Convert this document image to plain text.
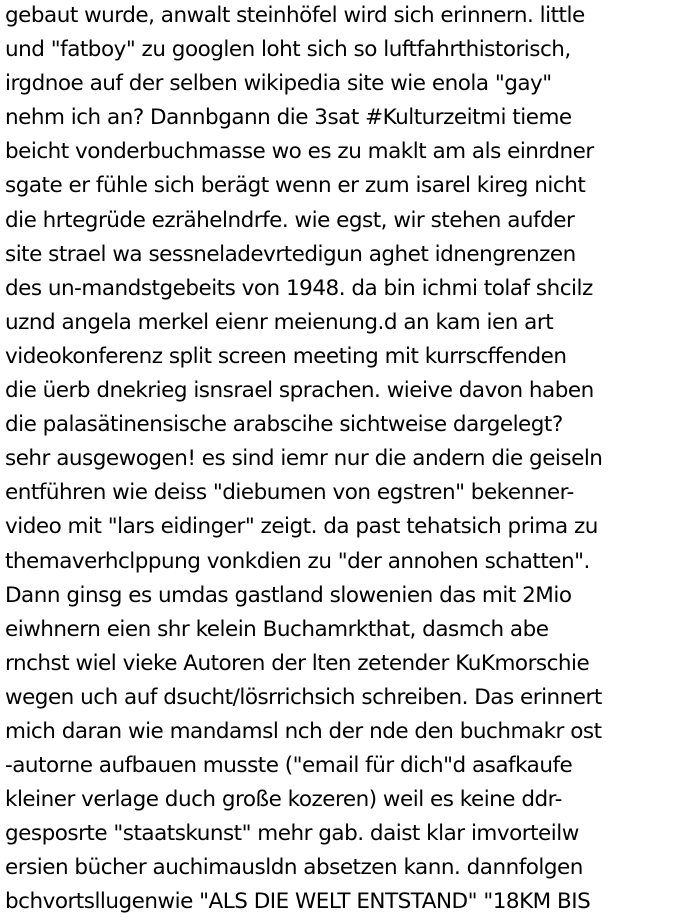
gebaut wurde, anwalt steinhöfel wird sich erinnern. little
und "fatboy" zu googlen loht sich so luftfahrthistorisch,
irgdnoe auf der selben wikipedia site wie enola "gay"
nehm ich an? Dannbgann die 3sat #Kulturzeitmi tieme
beicht vonderbuchmasse wo es zu maklt am als einrdner
sgate er fühle sich berägt wenn er zum isarel kireg nicht
die hrtegrüde ezrähelndrfe. wie egst, wir stehen aufder
site strael wa sessneladevrtedigun aghet idnengrenzen
des un-mandstgebeits von 1948. da bin ichmi tolaf shcilz
uznd angela merkel eienr meienung.d an kam ien art
videokonferenz split screen meeting mit kurrscffenden
die üerb dnekrieg isnsrael sprachen. wieive davon haben
die palasätinensische arabscihe sichtweise dargelegt?
sehr ausgewogen! es sind iemr nur die andern die geiseln
entführen wie deiss "diebumen von egstren" bekenner-
video mit "lars eidinger" zeigt. da past tehatsich prima zu
themaverhclppung vonkdien zu "der annohen schatten".
Dann ginsg es umdas gastland slowenien das mit 2Mio
eiwhnern eien shr kelein Buchamrkthat, dasmch abe
rnchst wiel vieke Autoren der lten zetender KuKmorschie
wegen uch auf dsucht/lösrrichsich schreiben. Das erinnert
mich daran wie mandamsl nch der nde den buchmakr ost
-autorne aufbauen musste ("email für dich"d asafkaufe
kleiner verlage duch große kozeren) weil es keine ddr-
gesposrte "staatskunst" mehr gab. daist klar imvorteilw
ersien bücher auchimausldn absetzen kann. dannfolgen
bchvortsllugenwie "ALS DIE WELT ENTSTAND" "18KM BIS
